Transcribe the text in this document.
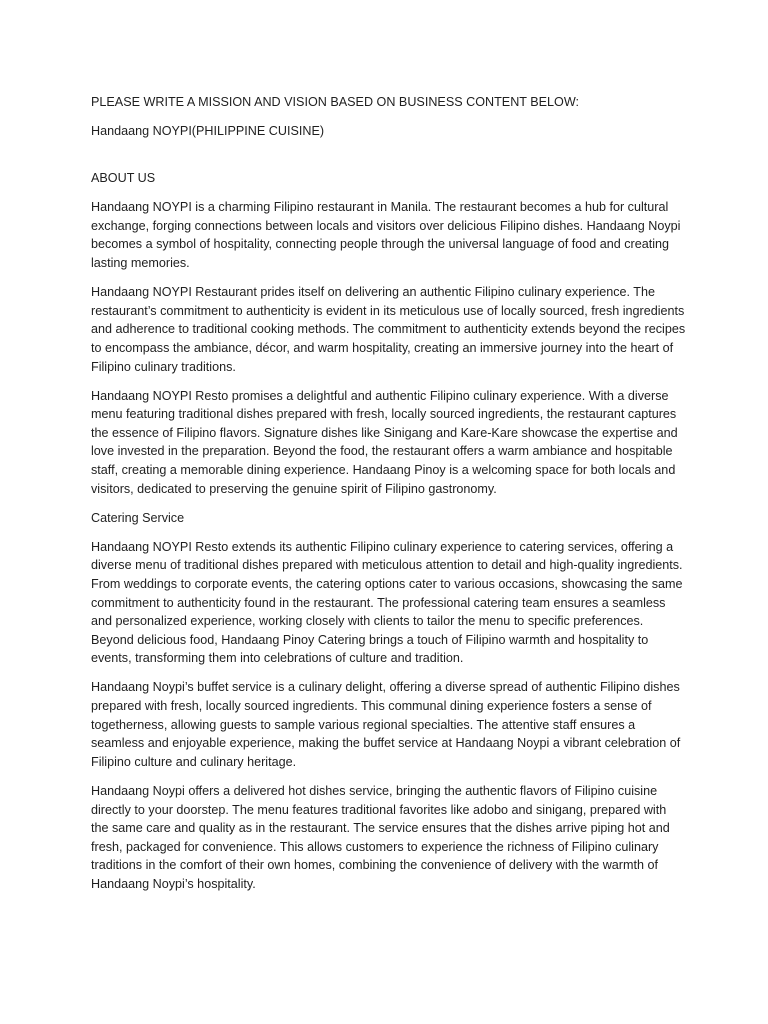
PLEASE WRITE A MISSION AND VISION BASED ON BUSINESS CONTENT BELOW:

Handaang NOYPI(PHILIPPINE CUISINE)

ABOUT US

Handaang NOYPI is a charming Filipino restaurant in Manila. The restaurant becomes a hub for cultural exchange, forging connections between locals and visitors over delicious Filipino dishes. Handaang Noypi becomes a symbol of hospitality, connecting people through the universal language of food and creating lasting memories.

Handaang NOYPI Restaurant prides itself on delivering an authentic Filipino culinary experience. The restaurant’s commitment to authenticity is evident in its meticulous use of locally sourced, fresh ingredients and adherence to traditional cooking methods. The commitment to authenticity extends beyond the recipes to encompass the ambiance, décor, and warm hospitality, creating an immersive journey into the heart of Filipino culinary traditions.

Handaang NOYPI Resto promises a delightful and authentic Filipino culinary experience. With a diverse menu featuring traditional dishes prepared with fresh, locally sourced ingredients, the restaurant captures the essence of Filipino flavors. Signature dishes like Sinigang and Kare-Kare showcase the expertise and love invested in the preparation. Beyond the food, the restaurant offers a warm ambiance and hospitable staff, creating a memorable dining experience. Handaang Pinoy is a welcoming space for both locals and visitors, dedicated to preserving the genuine spirit of Filipino gastronomy.

Catering Service

Handaang NOYPI Resto extends its authentic Filipino culinary experience to catering services, offering a diverse menu of traditional dishes prepared with meticulous attention to detail and high-quality ingredients. From weddings to corporate events, the catering options cater to various occasions, showcasing the same commitment to authenticity found in the restaurant. The professional catering team ensures a seamless and personalized experience, working closely with clients to tailor the menu to specific preferences. Beyond delicious food, Handaang Pinoy Catering brings a touch of Filipino warmth and hospitality to events, transforming them into celebrations of culture and tradition.

Handaang Noypi’s buffet service is a culinary delight, offering a diverse spread of authentic Filipino dishes prepared with fresh, locally sourced ingredients. This communal dining experience fosters a sense of togetherness, allowing guests to sample various regional specialties. The attentive staff ensures a seamless and enjoyable experience, making the buffet service at Handaang Noypi a vibrant celebration of Filipino culture and culinary heritage.

Handaang Noypi offers a delivered hot dishes service, bringing the authentic flavors of Filipino cuisine directly to your doorstep. The menu features traditional favorites like adobo and sinigang, prepared with the same care and quality as in the restaurant. The service ensures that the dishes arrive piping hot and fresh, packaged for convenience. This allows customers to experience the richness of Filipino culinary traditions in the comfort of their own homes, combining the convenience of delivery with the warmth of Handaang Noypi’s hospitality.
